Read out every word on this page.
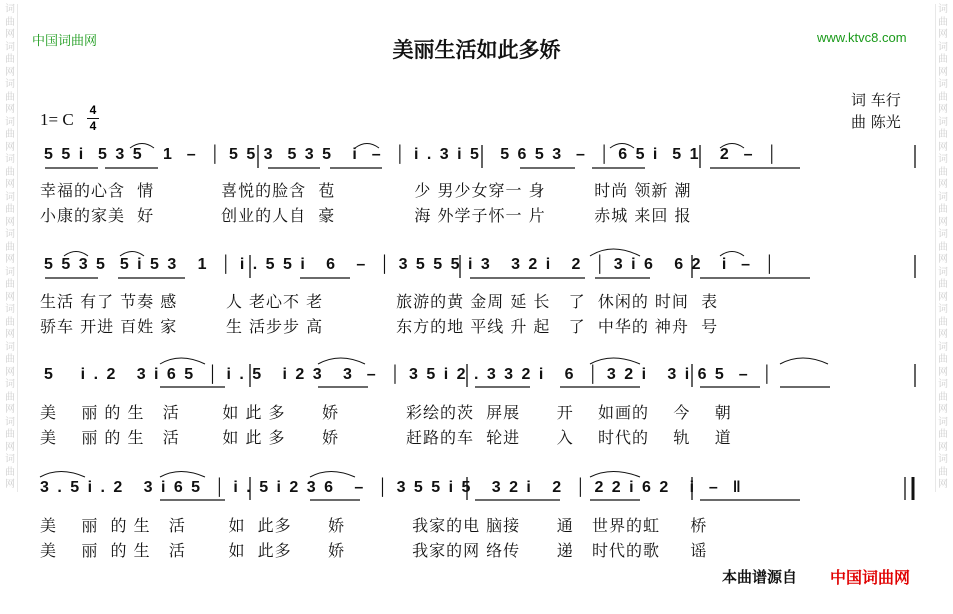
词曲网词曲网词曲网词曲网词曲网词曲网词曲网词曲网词曲网词曲网词曲网词曲网词曲网
词曲网词曲网词曲网词曲网词曲网词曲网词曲网词曲网词曲网词曲网词曲网词曲网词曲网
中国词曲网	www.ktvc8.com
美丽生活如此多娇
1= C 4
4
词 车行
曲 陈光
5 5 i  5 3 5   1  –  │ 5 5 3  5 3 5   i  –  │ i . 3 i 5   5 6 5 3  –  │ 6 5 i  5 1   2  –  │
幸福的心含  情           喜悦的脸含  苞             少 男少女穿一 身        时尚 领新 潮
小康的家美  好           创业的人自  豪             海 外学子怀一 片        赤城 来回 报
5 5 3 5  5 i 5 3   1  │ i . 5 5 i   6   –  │ 3 5 5 5 i 3   3 2 i   2  │ 3 i 6   6 2   i  –  │
生活 有了 节奏 感        人 老心不 老            旅游的黄 金周 延 长   了  休闲的 时间  表
骄车 开进 百姓 家        生 活步步 高            东方的地 平线 升 起   了  中华的 神舟  号
5    i . 2   3 i 6 5  │ i . 5   i 2 3   3  –  │ 3 5 i 2 . 3 3 2 i   6  │ 3 2 i   3 i 6 5  –  │
美    丽 的 生   活       如 此 多      娇           彩绘的茨  屏展      开    如画的    今    朝
美    丽 的 生   活       如 此 多      娇           赶路的车  轮进      入    时代的    轨    道
3 . 5 i . 2   3 i 6 5  │ i . 5 i 2 3 6   –  │ 3 5 5 i 5   3 2 i   2  │ 2 2 i 6 2   i  –  ‖
美    丽  的 生   活       如  此多      娇           我家的电 脑接      通   世界的虹     桥
美    丽  的 生   活       如  此多      娇           我家的网 络传      递   时代的歌     谣
本曲谱源自 中国词曲网
